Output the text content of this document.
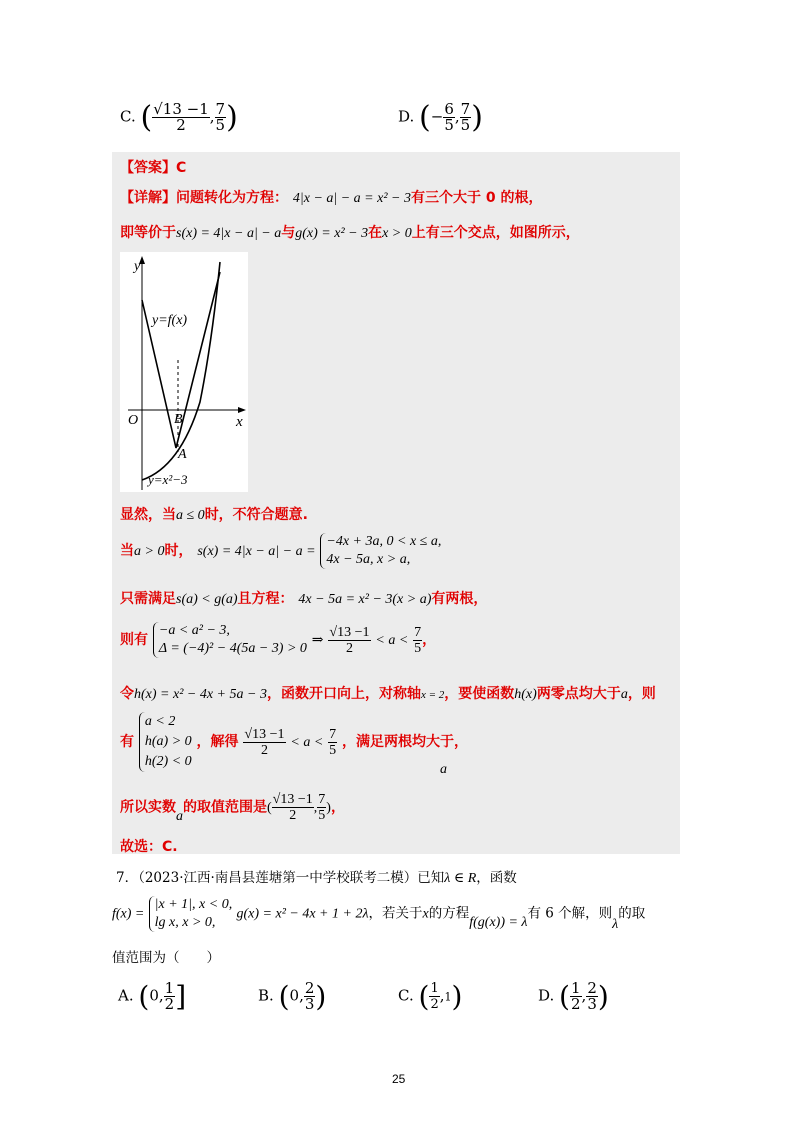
C. ( $\frac{√13 -1}{2}$ , $\frac{7}{5}$ )	D. (− $\frac{6}{5}$ , $\frac{7}{5}$ )
【答案】C
【详解】问题转化为方程： 4|x − a| − a = x² − 3有三个大于 0 的根，
即等价于s(x) = 4|x − a| − a与g(x) = x² − 3在x > 0上有三个交点，如图所示，
y
x
O	B
A
y=f(x)
y=x²−3
显然，当a ≤ 0时，不符合题意.
当a > 0时， s(x) = 4|x − a| − a = −4x + 3a, 0 < x ≤ a,
4x − 5a, x > a,
只需满足s(a) < g(a)且方程： 4x − 5a = x² − 3(x > a)有两根，
则有 −a < a² − 3,
Δ = (−4)² − 4(5a − 3) > 0 ⇒ $\frac{√13 -1}{2} < a < \frac{7}{5}$ ，
令h(x) = x² − 4x + 5a − 3，函数开口向上，对称轴x = 2，要使函数h(x)两零点均大于a，则
有 a < 2
h(a) > 0
h(2) < 0 ，解得 $\frac{√13 -1}{2} < a < \frac{7}{5}$ ，满足两根均大于，
a
所以实数a的取值范围是( $\frac{√13 -1}{2}$ , $\frac{7}{5}$ )，
故选：C.
7．（2023·江西·南昌县莲塘第一中学校联考二模）已知λ ∈ R，函数
f(x) = |x + 1|, x < 0,
lg x, x > 0, g(x) = x² − 4x + 1 + 2λ，若关于x的方程f(g(x)) = λ有 6 个解，则λ的取
值范围为（　　）
A. (0, $\frac{1}{2}$ ]	B. (0, $\frac{2}{3}$ )	C. ( $\frac{1}{2} ,1$)	D. ( $\frac{1}{2}$ , $\frac{2}{3}$ )
25
